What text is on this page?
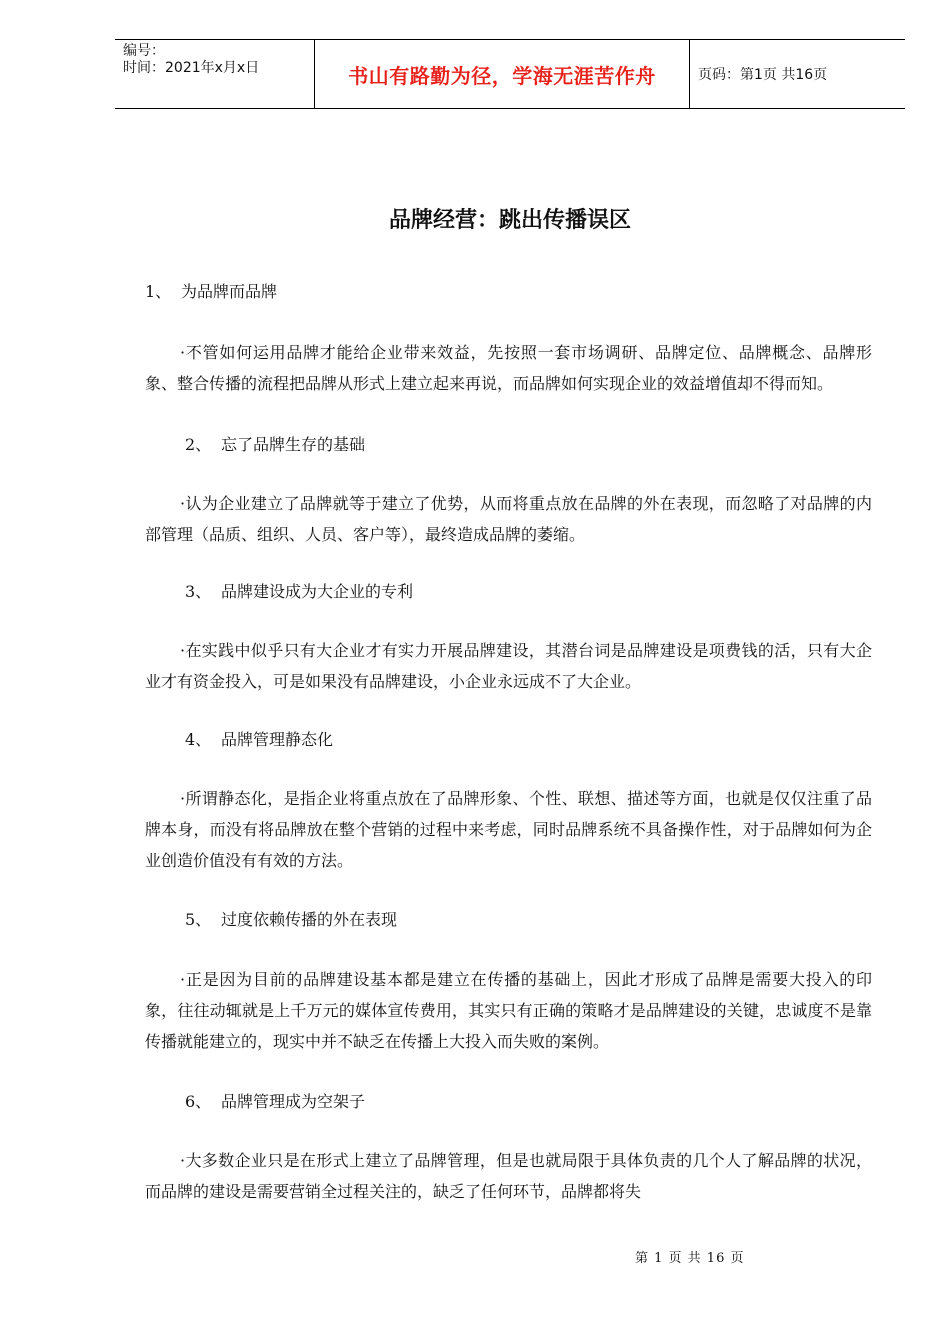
编号：
时间：2021年x月x日	书山有路勤为径，学海无涯苦作舟	页码：第1页 共16页
品牌经营：跳出传播误区
1、 为品牌而品牌

·不管如何运用品牌才能给企业带来效益，先按照一套市场调研、品牌定位、品牌概念、品牌形象、整合传播的流程把品牌从形式上建立起来再说，而品牌如何实现企业的效益增值却不得而知。

2、 忘了品牌生存的基础

·认为企业建立了品牌就等于建立了优势，从而将重点放在品牌的外在表现，而忽略了对品牌的内部管理（品质、组织、人员、客户等），最终造成品牌的萎缩。

3、 品牌建设成为大企业的专利

·在实践中似乎只有大企业才有实力开展品牌建设，其潜台词是品牌建设是项费钱的活，只有大企业才有资金投入，可是如果没有品牌建设，小企业永远成不了大企业。

4、 品牌管理静态化

·所谓静态化，是指企业将重点放在了品牌形象、个性、联想、描述等方面，也就是仅仅注重了品牌本身，而没有将品牌放在整个营销的过程中来考虑，同时品牌系统不具备操作性，对于品牌如何为企业创造价值没有有效的方法。

5、 过度依赖传播的外在表现

·正是因为目前的品牌建设基本都是建立在传播的基础上，因此才形成了品牌是需要大投入的印象，往往动辄就是上千万元的媒体宣传费用，其实只有正确的策略才是品牌建设的关键，忠诚度不是靠传播就能建立的，现实中并不缺乏在传播上大投入而失败的案例。

6、 品牌管理成为空架子

·大多数企业只是在形式上建立了品牌管理，但是也就局限于具体负责的几个人了解品牌的状况，而品牌的建设是需要营销全过程关注的，缺乏了任何环节，品牌都将失

第 1 页 共 16 页
